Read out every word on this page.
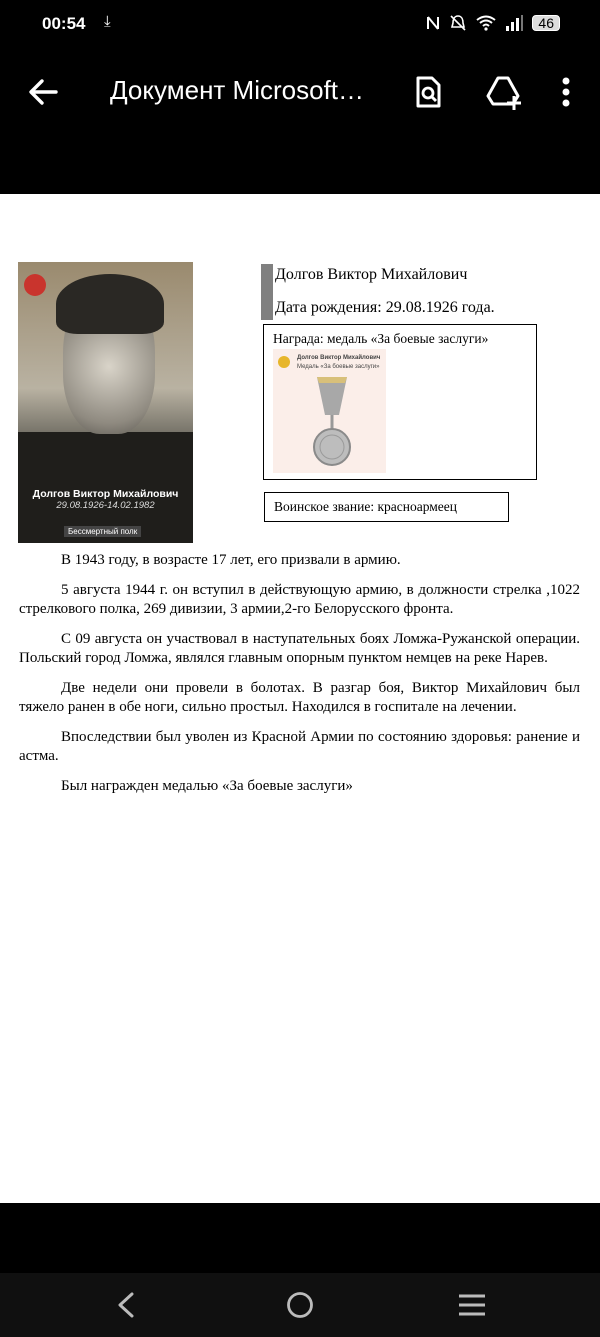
00:54 ⤓	46
Документ Microsoft…
Долгов Виктор Михайлович
29.08.1926-14.02.1982
Бессмертный полк
Долгов Виктор Михайлович
Дата рождения: 29.08.1926 года.
Награда: медаль «За боевые заслуги»
Долгов Виктор Михайлович
Медаль «За боевые заслуги»
Воинское звание: красноармеец

В 1943 году, в возрасте 17 лет, его призвали в армию.

5 августа 1944 г. он вступил в действующую армию, в должности стрелка ,1022 стрелкового полка, 269 дивизии, 3 армии,2-го Белорусского фронта.

С 09 августа он участвовал в наступательных боях Ломжа-Ружанской операции. Польский город Ломжа, являлся главным опорным пунктом немцев на реке Нарев.

Две недели они провели в болотах. В разгар боя, Виктор Михайлович был тяжело ранен в обе ноги, сильно простыл. Находился в госпитале на лечении.

Впоследствии был уволен из Красной Армии по состоянию здоровья: ранение и астма.

Был награжден медалью «За боевые заслуги»
